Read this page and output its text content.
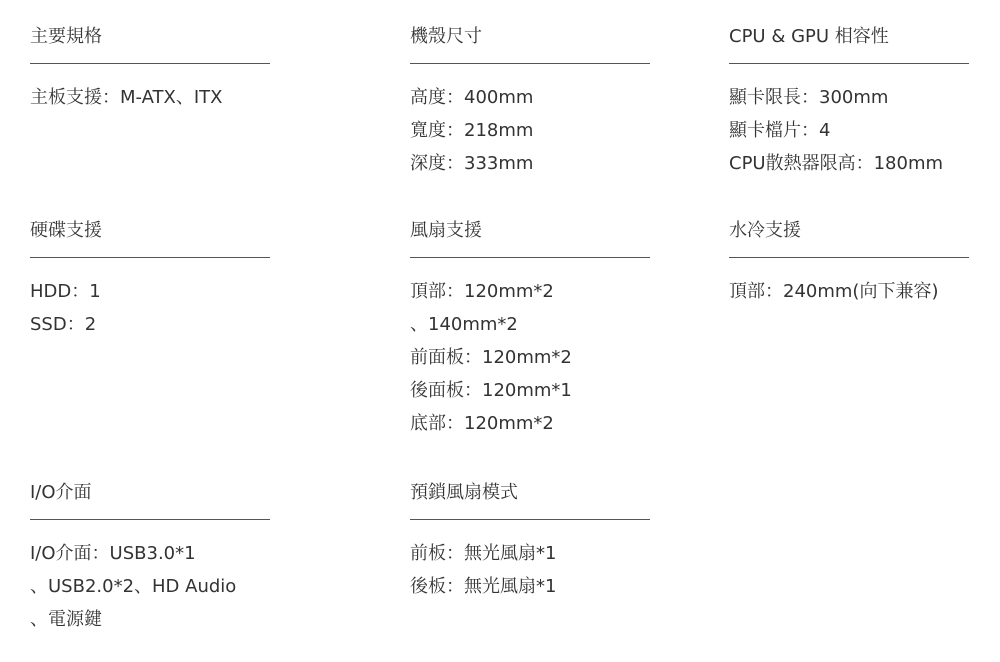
主要規格
主板支援：M-ATX、ITX
機殼尺寸
高度：400mm
寬度：218mm
深度：333mm
CPU & GPU 相容性
顯卡限長：300mm
顯卡檔片：4
CPU散熱器限高：180mm
硬碟支援
HDD：1
SSD：2
風扇支援
頂部：120mm*2
、140mm*2
前面板：120mm*2
後面板：120mm*1
底部：120mm*2
水冷支援
頂部：240mm(向下兼容)
I/O介面
I/O介面：USB3.0*1
、USB2.0*2、HD Audio
、電源鍵
預鎖風扇模式
前板：無光風扇*1
後板：無光風扇*1
